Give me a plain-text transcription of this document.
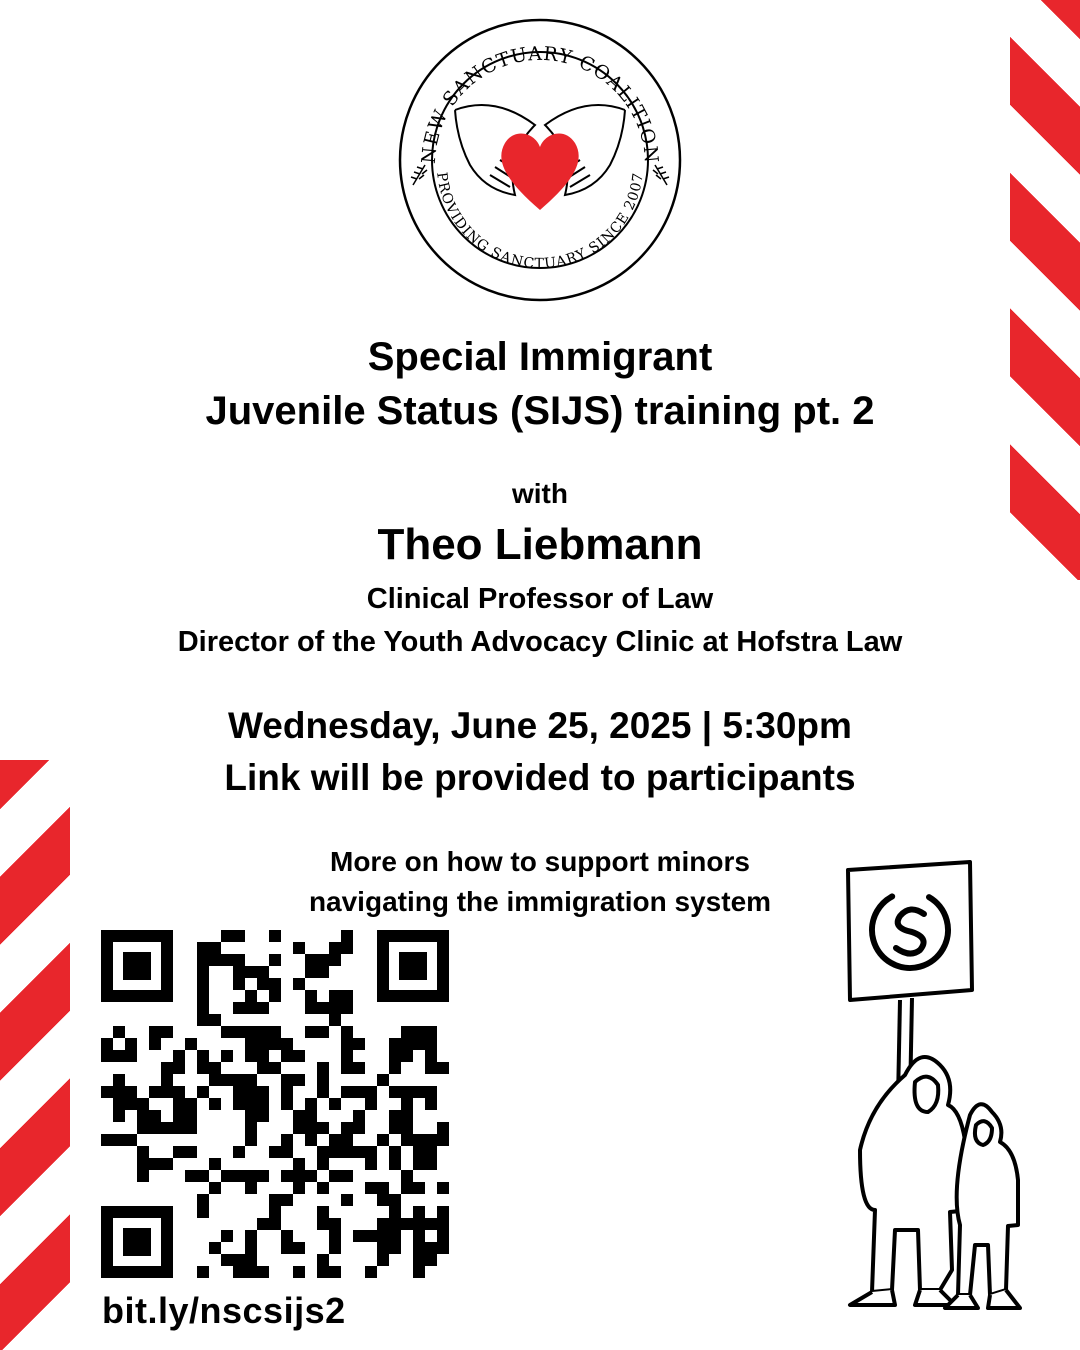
NEW SANCTUARY COALITION
PROVIDING SANCTUARY SINCE 2007
Special Immigrant
Juvenile Status (SIJS) training pt. 2
with
Theo Liebmann
Clinical Professor of Law
Director of the Youth Advocacy Clinic at Hofstra Law
Wednesday, June 25, 2025 | 5:30pm
Link will be provided to participants
More on how to support minors
navigating the immigration system
bit.ly/nscsijs2
